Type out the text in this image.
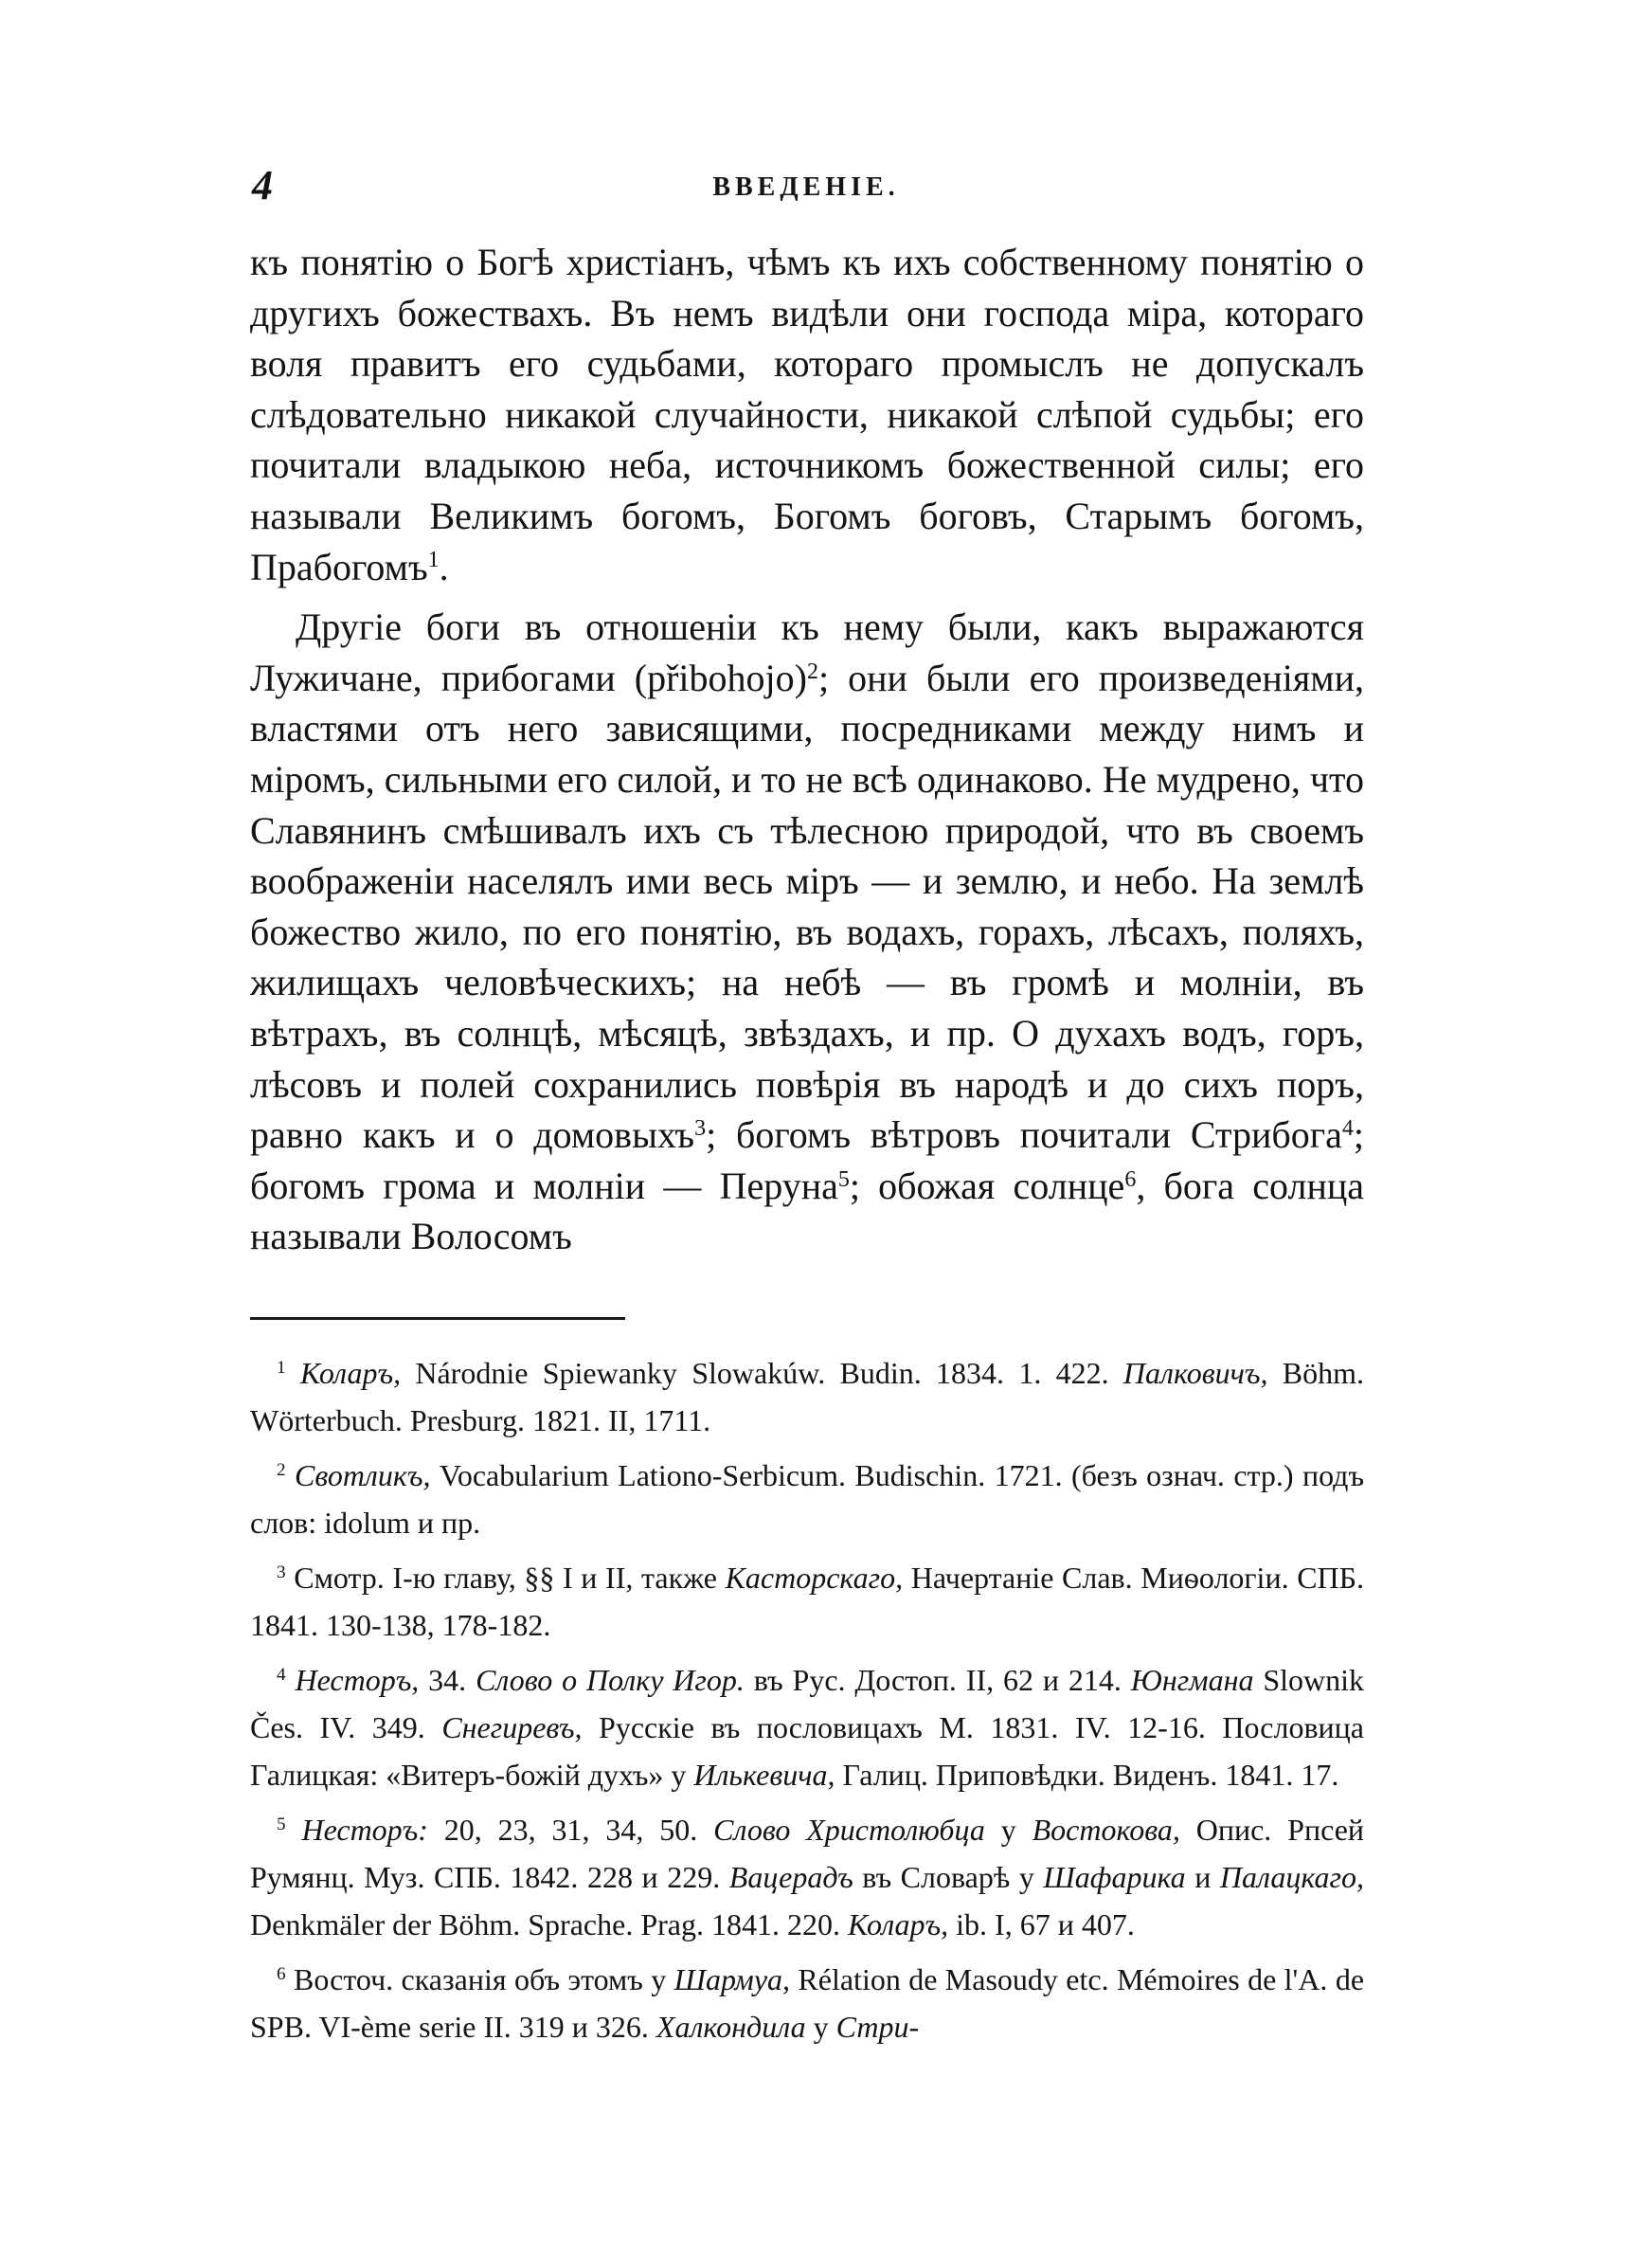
4	ВВЕДЕНІЕ.

къ понятію о Богѣ христіанъ, чѣмъ къ ихъ собственному понятію о другихъ божествахъ. Въ немъ видѣли они господа міра, котораго воля правитъ его судьбами, котораго промыслъ не допускалъ слѣдовательно никакой случайности, никакой слѣпой судьбы; его почитали владыкою неба, источникомъ божественной силы; его называли Великимъ богомъ, Богомъ боговъ, Старымъ богомъ, Прабогомъ$^1$.

Другіе боги въ отношеніи къ нему были, какъ выражаются Лужичане, прибогами (přibohojo)$^2$; они были его произведеніями, властями отъ него зависящими, посредниками между нимъ и міромъ, сильными его силой, и то не всѣ одинаково. Не мудрено, что Славянинъ смѣшивалъ ихъ съ тѣлесною природой, что въ своемъ воображеніи населялъ ими весь міръ — и землю, и небо. На землѣ божество жило, по его понятію, въ водахъ, горахъ, лѣсахъ, поляхъ, жилищахъ человѣческихъ; на небѣ — въ громѣ и молніи, въ вѣтрахъ, въ солнцѣ, мѣсяцѣ, звѣздахъ, и пр. О духахъ водъ, горъ, лѣсовъ и полей сохранились повѣрія въ народѣ и до сихъ поръ, равно какъ и о домовыхъ$^3$; богомъ вѣтровъ почитали Стрибога$^4$; богомъ грома и молніи — Перуна$^5$; обожая солнце$^6$, бога солнца называли Волосомъ

$^1$ Коларъ, Národnie Spiewanky Slowakúw. Budin. 1834. 1. 422. Палковичъ, Böhm. Wörterbuch. Presburg. 1821. II, 1711.

$^2$ Свотликъ, Vocabularium Lationo-Serbicum. Budischin. 1721. (безъ означ. стр.) подъ слов: idolum и пр.

$^3$ Смотр. I-ю главу, §§ I и II, также Касторскаго, Начертаніе Слав. Миѳологіи. СПБ. 1841. 130-138, 178-182.

$^4$ Несторъ, 34. Слово о Полку Игор. въ Рус. Достоп. II, 62 и 214. Юнгмана Slownik Čes. IV. 349. Снегиревъ, Русскіе въ пословицахъ М. 1831. IV. 12-16. Пословица Галицкая: «Витеръ-божій духъ» у Илькевича, Галиц. Приповѣдки. Виденъ. 1841. 17.

$^5$ Несторъ: 20, 23, 31, 34, 50. Слово Христолюбца у Востокова, Опис. Рпсей Румянц. Муз. СПБ. 1842. 228 и 229. Вацерадъ въ Словарѣ у Шафарика и Палацкаго, Denkmäler der Böhm. Sprache. Prag. 1841. 220. Коларъ, ib. I, 67 и 407.

$^6$ Восточ. сказанія объ этомъ у Шармуа, Rélation de Masoudy etc. Mémoires de l'A. de SPB. VI-ème serie II. 319 и 326. Халкондила у Стри-
